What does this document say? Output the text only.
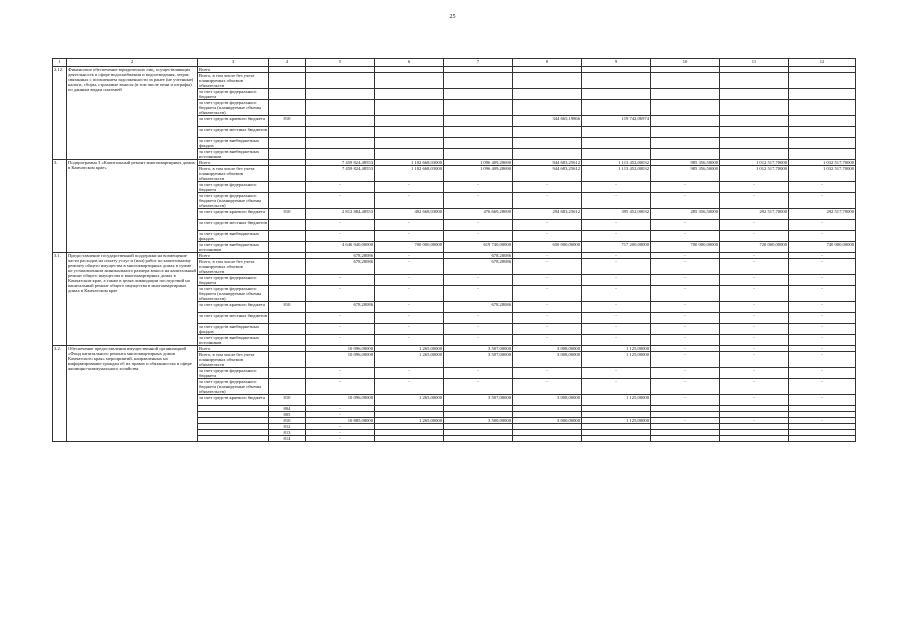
25
1	2	3	4	5	6	7	8	9	10	11	12
2.12.	Финансовое обеспечение юридических лиц, осуществляющих деятельность в сфере водоснабжения и водоотведения, затрат, связанных с погашением задолженности за ранее (не учтенные) налоги, сборы, страховые взносы (в том числе пени и штрафы) по данным видам платежей	Всего									
		Всего, в том числе без учета планируемых объемов обязательств									
		за счет средств федерального бюджета									
		за счет средств федерального бюджета (планируемые объемы обязательств)									
		за счет средств краевого бюджета	810				344 665,19866	119 742,06974			
		за счет средств местных бюджетов									
		за счет средств внебюджетных фондов									
		за счет средств внебюджетных источников									
3.	Подпрограмма 3 «Капитальный ремонт многоквартирных домов в Камчатском крае»	Всего		7 459 824,48553	1 102 668,03000	1 096 409,28690	944 683,25612	1 113 452,00032	985 356,50000	1 012 517,70000	1 032 517,70000
		Всего, в том числе без учета планируемых объемов обязательств		7 459 824,48553	1 102 668,03000	1 096 409,28690	944 683,25612	1 113 452,00032	985 356,50000	1 012 517,70000	1 032 517,70000
		за счет средств федерального бюджета		-	-	-	-	-	-	-	-
		за счет средств федерального бюджета (планируемые объемы обязательств)		-	-	-	-	-	-	-	-
		за счет средств краевого бюджета	810	2 812 884,48553	402 668,03000	476 669,28690	294 683,25612	395 452,00032	285 356,50000	292 517,70000	292 517,70000
		за счет средств местных бюджетов		-	-	-	-	-	-	-	-
		за счет средств внебюджетных фондов		-	-	-	-	-	-	-	-
		за счет средств внебюджетных источников		4 646 940,00000	700 000,00000	619 740,00000	650 000,00000	717 200,00000	700 000,00000	720 000,00000	740 000,00000
3.1.	Предоставление государственной поддержки на возмещение части расходов на оплату услуг и (или) работ по капитальному ремонту общего имущества в многоквартирных домах в сумме не установленном минимального размера взноса на капитальный ремонт общего имущества в многоквартирных домах в Камчатском крае, а также в целях ликвидации последствий на капитальный ремонт общего имущества в многоквартирных домах в Камчатском крае	Всего		678,28086	-	678,28086	-	-	-	-	-
		Всего, в том числе без учета планируемых объемов обязательств		678,28086	-	678,28086	-	-	-	-	-
		за счет средств федерального бюджета		-	-	-	-	-	-	-	-
		за счет средств федерального бюджета (планируемые объемы обязательств)		-	-	-	-	-	-	-	-
		за счет средств краевого бюджета	810	678,28086	-	678,28086	-	-	-	-	-
		за счет средств местных бюджетов		-	-	-	-	-	-	-	-
		за счет средств внебюджетных фондов		-	-	-	-	-	-	-	-
		за счет средств внебюджетных источников		-	-	-	-	-	-	-	-
3.2.	Обеспечение предоставления имущественной организацией «Фонд капитального ремонта многоквартирных домов Камчатского края» мероприятий, направленных на информирование граждан об их правах и обязанностях в сфере жилищно-коммунального хозяйства	Всего		10 096,00000	1 265,00000	3 507,00000	3 008,00000	1 125,00000	-	-	-
		Всего, в том числе без учета планируемых объемов обязательств		10 096,00000	1 265,00000	3 507,00000	3 008,00000	1 125,00000	-	-	-
		за счет средств федерального бюджета		-	-	-	-	-	-	-	-
		за счет средств федерального бюджета (планируемые объемы обязательств)		-	-	-	-	-	-	-	-
		за счет средств краевого бюджета	810	10 096,00000	1 265,00000	3 507,00000	3 008,00000	1 125,00000	-	-	-
			804	-							
			805	-							
			810	10 885,00000	1 265,00000	3 500,00000	3 000,00000	1 125,00000	-	-	-
			812	-							
			813	-							
			814	-							
